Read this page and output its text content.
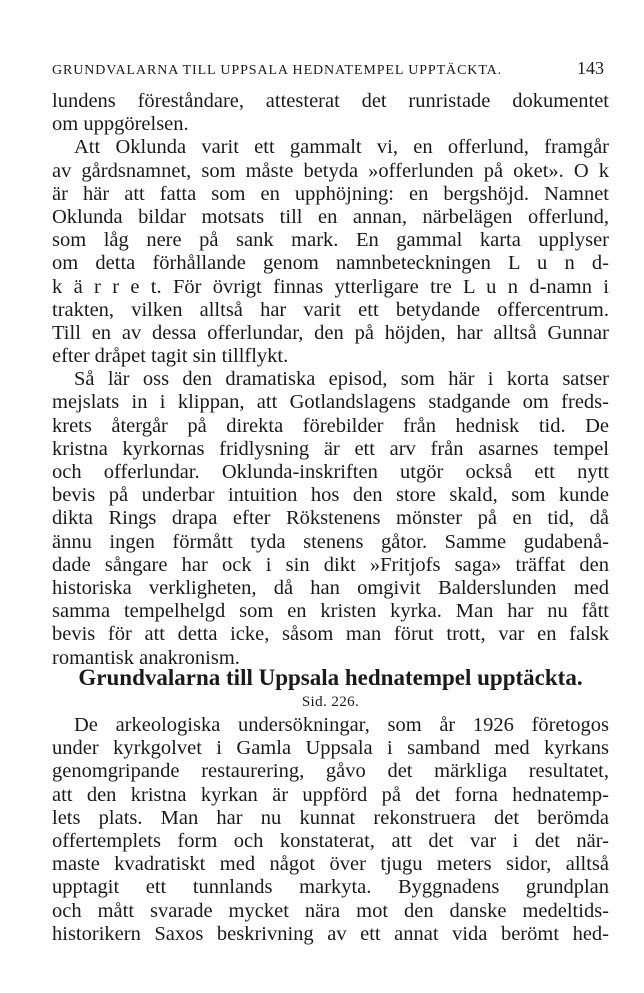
GRUNDVALARNA TILL UPPSALA HEDNATEMPEL UPPTÄCKTA.	143
lundens föreståndare, attesterat det runristade dokumentet
om uppgörelsen.
Att Oklunda varit ett gammalt vi, en offerlund, framgår
av gårdsnamnet, som måste betyda »offerlunden på oket». O k
är här att fatta som en upphöjning: en bergshöjd. Namnet
Oklunda bildar motsats till en annan, närbelägen offerlund,
som låg nere på sank mark. En gammal karta upplyser
om detta förhållande genom namnbeteckningen L u n d-
k ä r r e t. För övrigt finnas ytterligare tre L u n d-namn i
trakten, vilken alltså har varit ett betydande offercentrum.
Till en av dessa offerlundar, den på höjden, har alltså Gunnar
efter dråpet tagit sin tillflykt.
Så lär oss den dramatiska episod, som här i korta satser
mejslats in i klippan, att Gotlandslagens stadgande om freds-
krets återgår på direkta förebilder från hednisk tid. De
kristna kyrkornas fridlysning är ett arv från asarnes tempel
och offerlundar. Oklunda-inskriften utgör också ett nytt
bevis på underbar intuition hos den store skald, som kunde
dikta Rings drapa efter Rökstenens mönster på en tid, då
ännu ingen förmått tyda stenens gåtor. Samme gudabenå-
dade sångare har ock i sin dikt »Fritjofs saga» träffat den
historiska verkligheten, då han omgivit Balderslunden med
samma tempelhelgd som en kristen kyrka. Man har nu fått
bevis för att detta icke, såsom man förut trott, var en falsk
romantisk anakronism.
Grundvalarna till Uppsala hednatempel upptäckta.
Sid. 226.
De arkeologiska undersökningar, som år 1926 företogos
under kyrkgolvet i Gamla Uppsala i samband med kyrkans
genomgripande restaurering, gåvo det märkliga resultatet,
att den kristna kyrkan är uppförd på det forna hednatemp-
lets plats. Man har nu kunnat rekonstruera det berömda
offertemplets form och konstaterat, att det var i det när-
maste kvadratiskt med något över tjugu meters sidor, alltså
upptagit ett tunnlands markyta. Byggnadens grundplan
och mått svarade mycket nära mot den danske medeltids-
historikern Saxos beskrivning av ett annat vida berömt hed-
